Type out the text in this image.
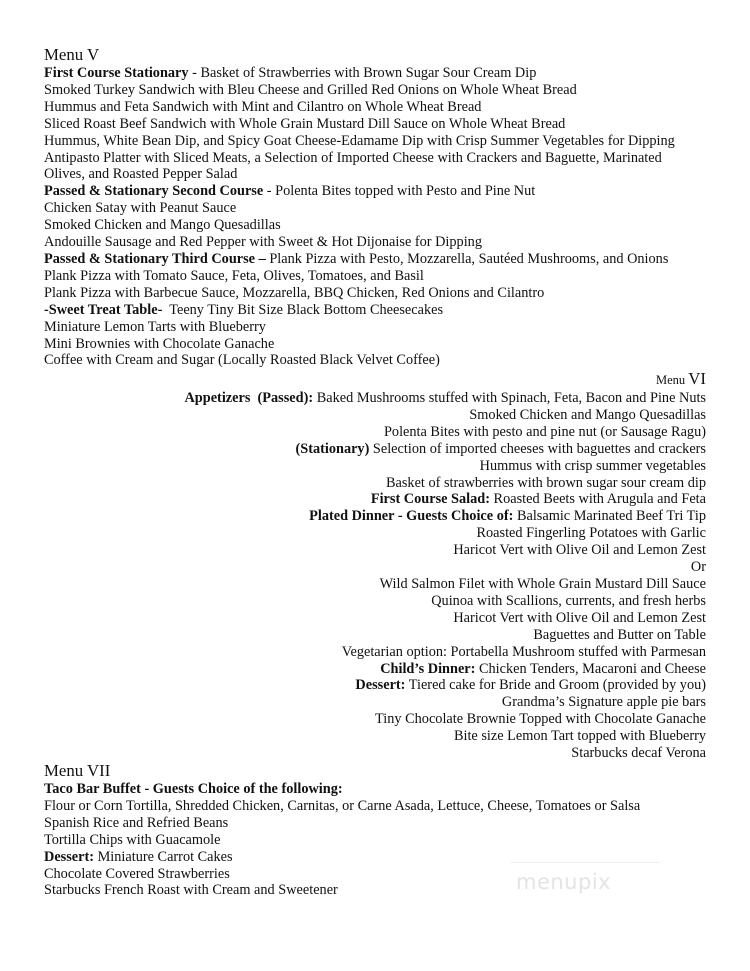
Menu V
First Course Stationary - Basket of Strawberries with Brown Sugar Sour Cream Dip
Smoked Turkey Sandwich with Bleu Cheese and Grilled Red Onions on Whole Wheat Bread
Hummus and Feta Sandwich with Mint and Cilantro on Whole Wheat Bread
Sliced Roast Beef Sandwich with Whole Grain Mustard Dill Sauce on Whole Wheat Bread
Hummus, White Bean Dip, and Spicy Goat Cheese-Edamame Dip with Crisp Summer Vegetables for Dipping
Antipasto Platter with Sliced Meats, a Selection of Imported Cheese with Crackers and Baguette, Marinated Olives, and Roasted Pepper Salad
Passed & Stationary Second Course - Polenta Bites topped with Pesto and Pine Nut
Chicken Satay with Peanut Sauce
Smoked Chicken and Mango Quesadillas
Andouille Sausage and Red Pepper with Sweet & Hot Dijonaise for Dipping
Passed & Stationary Third Course – Plank Pizza with Pesto, Mozzarella, Sautéed Mushrooms, and Onions
Plank Pizza with Tomato Sauce, Feta, Olives, Tomatoes, and Basil
Plank Pizza with Barbecue Sauce, Mozzarella, BBQ Chicken, Red Onions and Cilantro
-Sweet Treat Table-  Teeny Tiny Bit Size Black Bottom Cheesecakes
Miniature Lemon Tarts with Blueberry
Mini Brownies with Chocolate Ganache
Coffee with Cream and Sugar (Locally Roasted Black Velvet Coffee)
Menu VI
Appetizers  (Passed): Baked Mushrooms stuffed with Spinach, Feta, Bacon and Pine Nuts
Smoked Chicken and Mango Quesadillas
Polenta Bites with pesto and pine nut (or Sausage Ragu)
(Stationary) Selection of imported cheeses with baguettes and crackers
Hummus with crisp summer vegetables
Basket of strawberries with brown sugar sour cream dip
First Course Salad: Roasted Beets with Arugula and Feta
Plated Dinner - Guests Choice of: Balsamic Marinated Beef Tri Tip
Roasted Fingerling Potatoes with Garlic
Haricot Vert with Olive Oil and Lemon Zest
Or
Wild Salmon Filet with Whole Grain Mustard Dill Sauce
Quinoa with Scallions, currents, and fresh herbs
Haricot Vert with Olive Oil and Lemon Zest
Baguettes and Butter on Table
Vegetarian option: Portabella Mushroom stuffed with Parmesan
Child’s Dinner: Chicken Tenders, Macaroni and Cheese
Dessert: Tiered cake for Bride and Groom (provided by you)
Grandma’s Signature apple pie bars
Tiny Chocolate Brownie Topped with Chocolate Ganache
Bite size Lemon Tart topped with Blueberry
Starbucks decaf Verona
Menu VII
Taco Bar Buffet - Guests Choice of the following:
Flour or Corn Tortilla, Shredded Chicken, Carnitas, or Carne Asada, Lettuce, Cheese, Tomatoes or Salsa
Spanish Rice and Refried Beans
Tortilla Chips with Guacamole
Dessert: Miniature Carrot Cakes
Chocolate Covered Strawberries
Starbucks French Roast with Cream and Sweetener	menupix
